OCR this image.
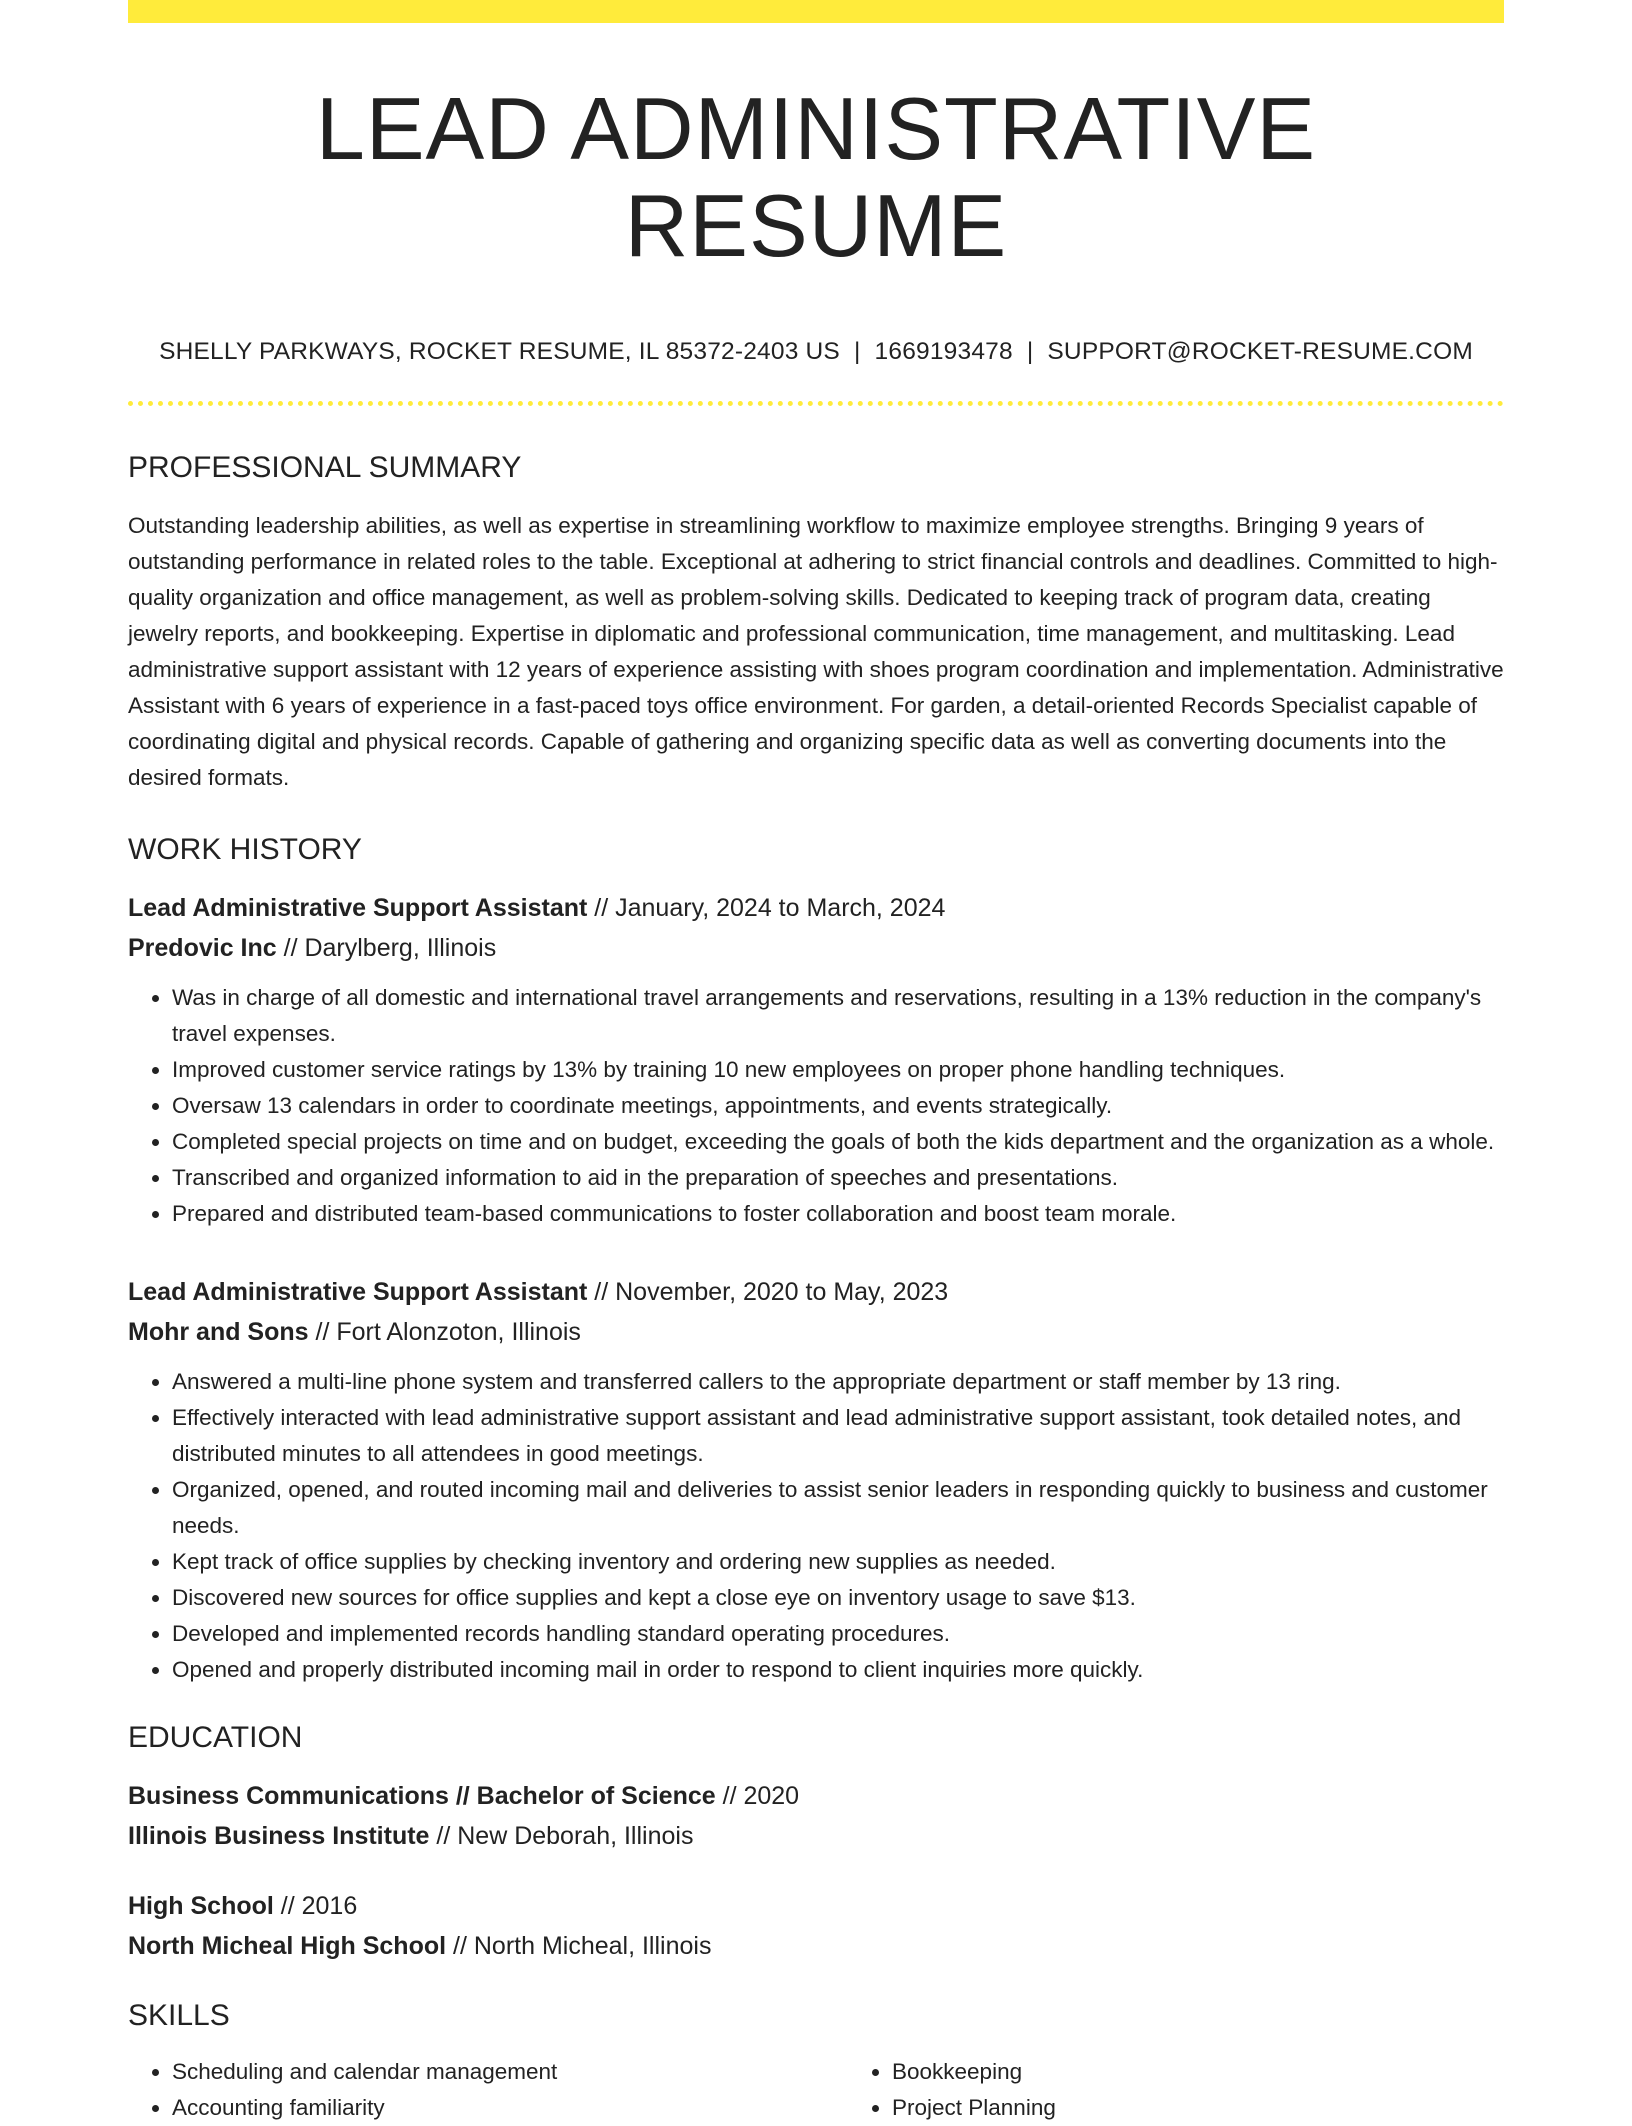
LEAD ADMINISTRATIVE RESUME
SHELLY PARKWAYS, ROCKET RESUME, IL 85372-2403 US | 1669193478 | SUPPORT@ROCKET-RESUME.COM
PROFESSIONAL SUMMARY

Outstanding leadership abilities, as well as expertise in streamlining workflow to maximize employee strengths. Bringing 9 years of outstanding performance in related roles to the table. Exceptional at adhering to strict financial controls and deadlines. Committed to high-quality organization and office management, as well as problem-solving skills. Dedicated to keeping track of program data, creating jewelry reports, and bookkeeping. Expertise in diplomatic and professional communication, time management, and multitasking. Lead administrative support assistant with 12 years of experience assisting with shoes program coordination and implementation. Administrative Assistant with 6 years of experience in a fast-paced toys office environment. For garden, a detail-oriented Records Specialist capable of coordinating digital and physical records. Capable of gathering and organizing specific data as well as converting documents into the desired formats.

WORK HISTORY
Lead Administrative Support Assistant // January, 2024 to March, 2024
Predovic Inc // Darylberg, Illinois
• Was in charge of all domestic and international travel arrangements and reservations, resulting in a 13% reduction in the company's travel expenses.
• Improved customer service ratings by 13% by training 10 new employees on proper phone handling techniques.
• Oversaw 13 calendars in order to coordinate meetings, appointments, and events strategically.
• Completed special projects on time and on budget, exceeding the goals of both the kids department and the organization as a whole.
• Transcribed and organized information to aid in the preparation of speeches and presentations.
• Prepared and distributed team-based communications to foster collaboration and boost team morale.
Lead Administrative Support Assistant // November, 2020 to May, 2023
Mohr and Sons // Fort Alonzoton, Illinois
• Answered a multi-line phone system and transferred callers to the appropriate department or staff member by 13 ring.
• Effectively interacted with lead administrative support assistant and lead administrative support assistant, took detailed notes, and distributed minutes to all attendees in good meetings.
• Organized, opened, and routed incoming mail and deliveries to assist senior leaders in responding quickly to business and customer needs.
• Kept track of office supplies by checking inventory and ordering new supplies as needed.
• Discovered new sources for office supplies and kept a close eye on inventory usage to save $13.
• Developed and implemented records handling standard operating procedures.
• Opened and properly distributed incoming mail in order to respond to client inquiries more quickly.
EDUCATION
Business Communications // Bachelor of Science // 2020
Illinois Business Institute // New Deborah, Illinois
High School // 2016
North Micheal High School // North Micheal, Illinois
SKILLS
• Scheduling and calendar management
• Accounting familiarity
• Bookkeeping
• Project Planning
